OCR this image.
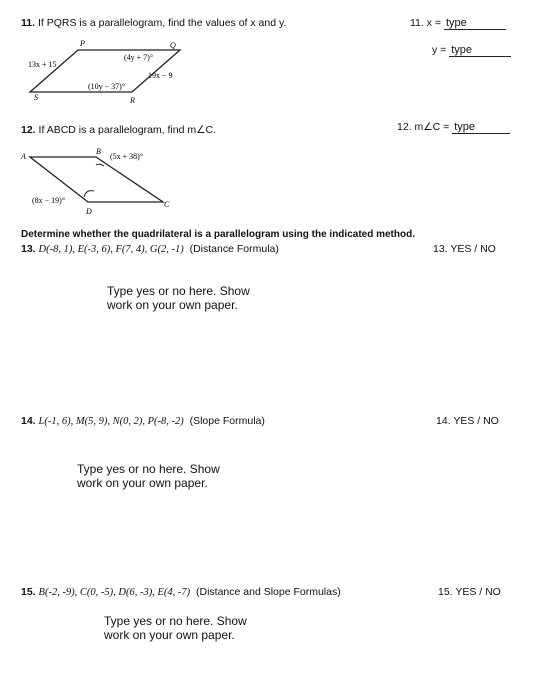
11. If PQRS is a parallelogram, find the values of x and y.	11. x = type
y = type
P	Q
R
S
13x + 15
(4y + 7)°
19x − 9
(10y − 37)°
12. If ABCD is a parallelogram, find m∠C.	12. m∠C = type
A
B
C
D
(5x + 38)°
(8x − 19)°
Determine whether the quadrilateral is a parallelogram using the indicated method.
13. D(-8, 1), E(-3, 6), F(7, 4), G(2, -1) (Distance Formula)	13. YES / NO
Type yes or no here. Show work on your own paper.
14. L(-1, 6), M(5, 9), N(0, 2), P(-8, -2) (Slope Formula)	14. YES / NO
Type yes or no here. Show work on your own paper.
15. B(-2, -9), C(0, -5), D(6, -3), E(4, -7) (Distance and Slope Formulas)	15. YES / NO
Type yes or no here. Show work on your own paper.
